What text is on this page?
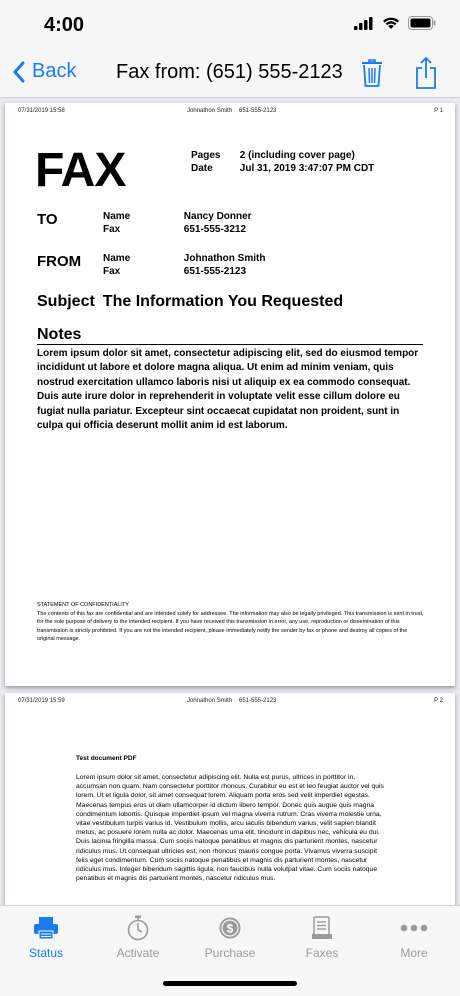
4:00
Back Fax from: (651) 555-2123
07/31/2019 15:58	Johnathon Smith 651-555-2123	P 1
FAX	Pages 2 (including cover page)
Date	Jul 31, 2019 3:47:07 PM CDT
TO	Name	Nancy Donner
Fax	651-555-3212
FROM Name	Johnathon Smith
Fax	651-555-2123
Subject The Information You Requested
Notes
Lorem ipsum dolor sit amet, consectetur adipiscing elit, sed do eiusmod tempor incididunt ut labore et dolore magna aliqua. Ut enim ad minim veniam, quis nostrud exercitation ullamco laboris nisi ut aliquip ex ea commodo consequat. Duis aute irure dolor in reprehenderit in voluptate velit esse cillum dolore eu fugiat nulla pariatur. Excepteur sint occaecat cupidatat non proident, sunt in culpa qui officia deserunt mollit anim id est laborum.
STATEMENT OF CONFIDENTIALITY
The contents of this fax are confidential and are intended solely for addressee. The information may also be legally privileged. This transmission is sent in trust, for the sole purpose of delivery to the intended recipient. If you have received this transmission in error, any use, reproduction or dissemination of this transmission is strictly prohibited. If you are not the intended recipient, please immediately notify the sender by fax or phone and destroy all copies of the original message.
07/31/2019 15:59	Johnathon Smith 651-555-2123	P 2
Test document PDF
Lorem ipsum dolor sit amet, consectetur adipiscing elit. Nulla est purus, ultrices in porttitor in, accumsan non quam. Nam consectetur porttitor rhoncus. Curabitur eu est et leo feugiat auctor vel quis lorem. Ut et ligula dolor, sit amet consequat lorem. Aliquam porta eros sed velit imperdiet egestas. Maecenas tempus eros ut diam ullamcorper id dictum libero tempor. Donec quis augue quis magna condimentum lobortis. Quisque imperdiet ipsum vel magna viverra rutrum. Cras viverra molestie urna, vitae vestibulum turpis varius id. Vestibulum mollis, arcu iaculis bibendum varius, velit sapien blandit metus, ac posuere lorem nulla ac dolor. Maecenas urna elit, tincidunt in dapibus nec, vehicula eu dui. Duis lacinia fringilla massa. Cum sociis natoque penatibus et magnis dis parturient montes, nascetur ridiculus mus. Ut consequat ultricies est, non rhoncus mauris congue porta. Vivamus viverra suscipit felis eget condimentum. Cum sociis natoque penatibus et magnis dis parturient montes, nascetur ridiculus mus. Integer bibendum sagittis ligula, non faucibus nulla volutpat vitae. Cum sociis natoque penatibus et magnis dis parturient montes, nascetur ridiculus mus.
Status	Activate
$
Purchase	Faxes	More
